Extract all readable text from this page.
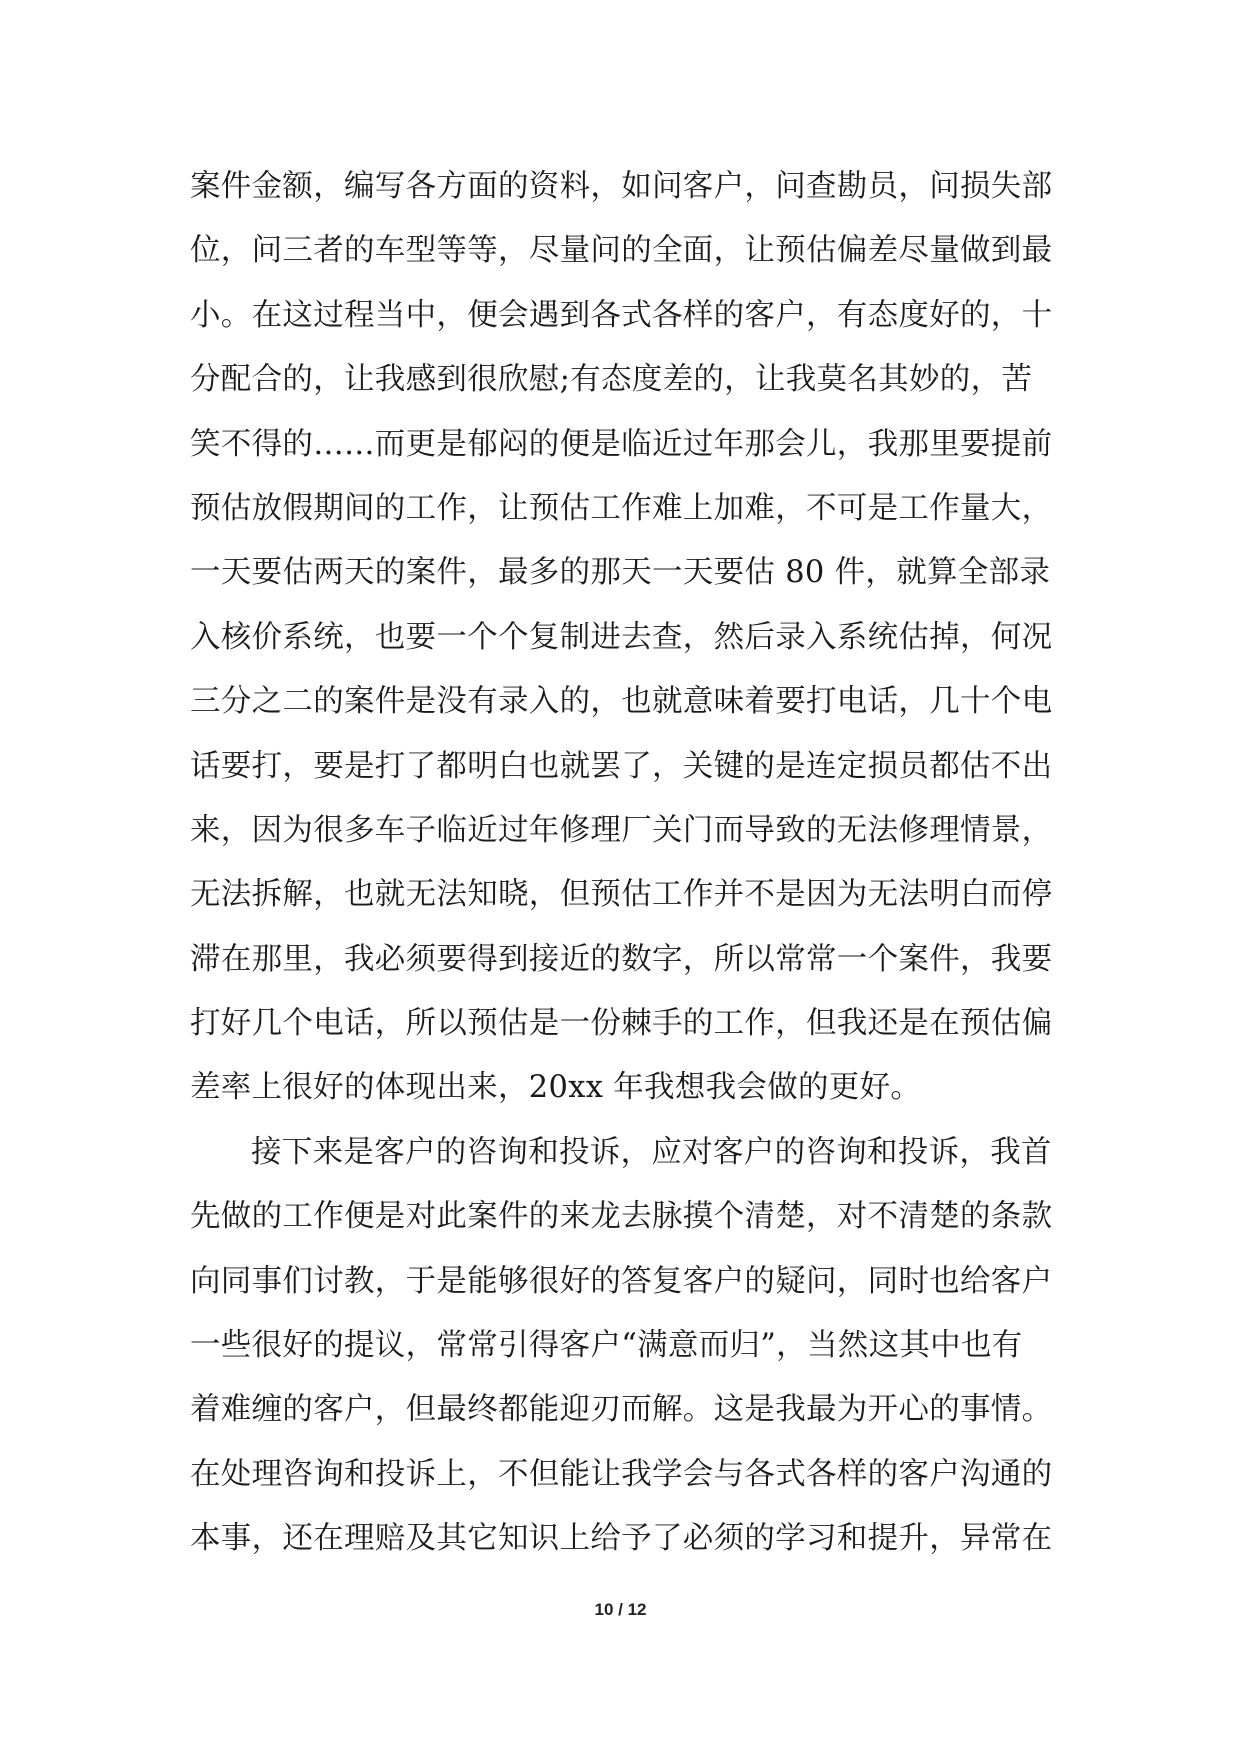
案件金额，编写各方面的资料，如问客户，问查勘员，问损失部
位，问三者的车型等等，尽量问的全面，让预估偏差尽量做到最
小。在这过程当中，便会遇到各式各样的客户，有态度好的，十
分配合的，让我感到很欣慰;有态度差的，让我莫名其妙的，苦
笑不得的……而更是郁闷的便是临近过年那会儿，我那里要提前
预估放假期间的工作，让预估工作难上加难，不可是工作量大，
一天要估两天的案件，最多的那天一天要估 80 件，就算全部录
入核价系统，也要一个个复制进去查，然后录入系统估掉，何况
三分之二的案件是没有录入的，也就意味着要打电话，几十个电
话要打，要是打了都明白也就罢了，关键的是连定损员都估不出
来，因为很多车子临近过年修理厂关门而导致的无法修理情景，
无法拆解，也就无法知晓，但预估工作并不是因为无法明白而停
滞在那里，我必须要得到接近的数字，所以常常一个案件，我要
打好几个电话，所以预估是一份棘手的工作，但我还是在预估偏
差率上很好的体现出来，20xx 年我想我会做的更好。
接下来是客户的咨询和投诉，应对客户的咨询和投诉，我首
先做的工作便是对此案件的来龙去脉摸个清楚，对不清楚的条款
向同事们讨教，于是能够很好的答复客户的疑问，同时也给客户
一些很好的提议，常常引得客户“满意而归”，当然这其中也有
着难缠的客户，但最终都能迎刃而解。这是我最为开心的事情。
在处理咨询和投诉上，不但能让我学会与各式各样的客户沟通的
本事，还在理赔及其它知识上给予了必须的学习和提升，异常在
10 / 12
